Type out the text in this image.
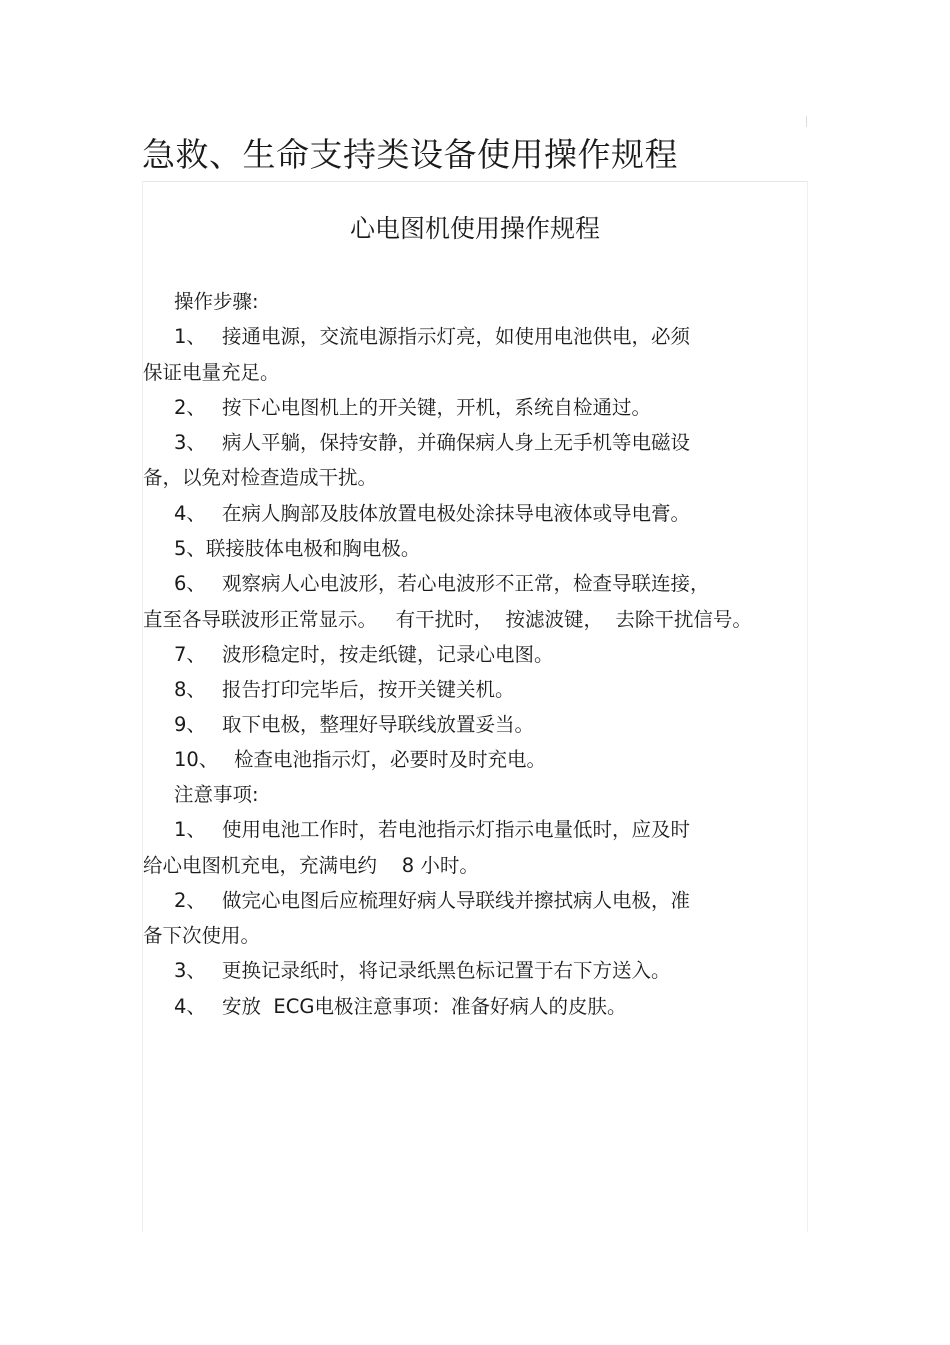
急救、生命支持类设备使用操作规程
心电图机使用操作规程
操作步骤:
1、 接通电源，交流电源指示灯亮，如使用电池供电，必须
保证电量充足。
2、 按下心电图机上的开关键，开机，系统自检通过。
3、 病人平躺，保持安静，并确保病人身上无手机等电磁设
备，以免对检查造成干扰。
4、 在病人胸部及肢体放置电极处涂抹导电液体或导电膏。
5、联接肢体电极和胸电极。
6、 观察病人心电波形，若心电波形不正常，检查导联连接，
直至各导联波形正常显示。   有干扰时，  按滤波键，  去除干扰信号。
7、 波形稳定时，按走纸键，记录心电图。
8、 报告打印完毕后，按开关键关机。
9、 取下电极，整理好导联线放置妥当。
10、 检查电池指示灯，必要时及时充电。
注意事项:
1、 使用电池工作时，若电池指示灯指示电量低时，应及时
给心电图机充电，充满电约    8 小时。
2、 做完心电图后应梳理好病人导联线并擦拭病人电极，准
备下次使用。
3、 更换记录纸时，将记录纸黑色标记置于右下方送入。
4、 安放  ECG电极注意事项：准备好病人的皮肤。
